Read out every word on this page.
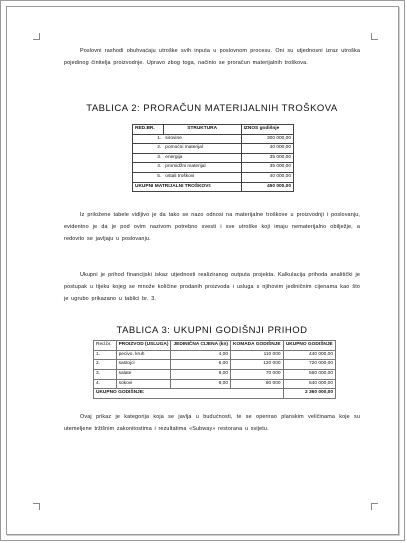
Poslovni rashodi obuhvaćaju utroške svih inputa u poslovnom procesu. Oni su utjednosni izraz utroška pojedinog činitelja proizvodnje. Upravo zbog toga, načinio se proračun materijalnih troškova.

TABLICA 2: PRORAČUN MATERIJALNIH TROŠKOVA
RED.BR.	STRUKTURA	IZNOS godišnje
1.	sirovine	300 000,00
2.	pomoćni materijal	40 000,00
3.	energija	35 000,00
4.	promidžni materijal	35 000,00
5.	ostali troškovi	40 000,00
UKUPNI MATRIJALNI TROŠKOVI:		450 000,00

Iz priložene tabele vidljivo je da tako se nazo odnosi na materijalne troškove u proizvodnji i poslovanju, evidentno je da je pod ovim nazivom potrebno svesti i sve utroške koji imaju nematerijalno obilježje, a redovito se javljaju u poslovanju.

Ukupni je prihod financijski iskaz utjednosti realiziranog outputa projekta. Kalkulacija prihoda analitički je postupak u tijeku kojeg se množe količine prodanih proizvoda i usluga s njihovim jediničnim cijenama kao što je ugrubo prikazano u tablici br. 3.

TABLICA 3: UKUPNI GODIŠNJI PRIHOD
Red.br.	PROIZVOD (USLUGA)	JEDINIČNA CIJENA (kn)	KOMADA GODIŠNJE	UKUPNO GODIŠNJE
1.	pecivo, kruh	4,00	110 000	440 000,00
2.	sastojci	6,00	120 000	720 000,00
3.	salate	8,00	70 000	560 000,00
4.	sokovi	8,00	80 000	640 000,00
UKUPNO GODIŠNJE:				2 360 000,00

Ovaj prikaz je kategorija koja se javlja u budućnosti, te se operirao planskim veličinama koje su utemeljene tržišnim zakonitostima i rezultatima «Subway» restorana u svijetu.
